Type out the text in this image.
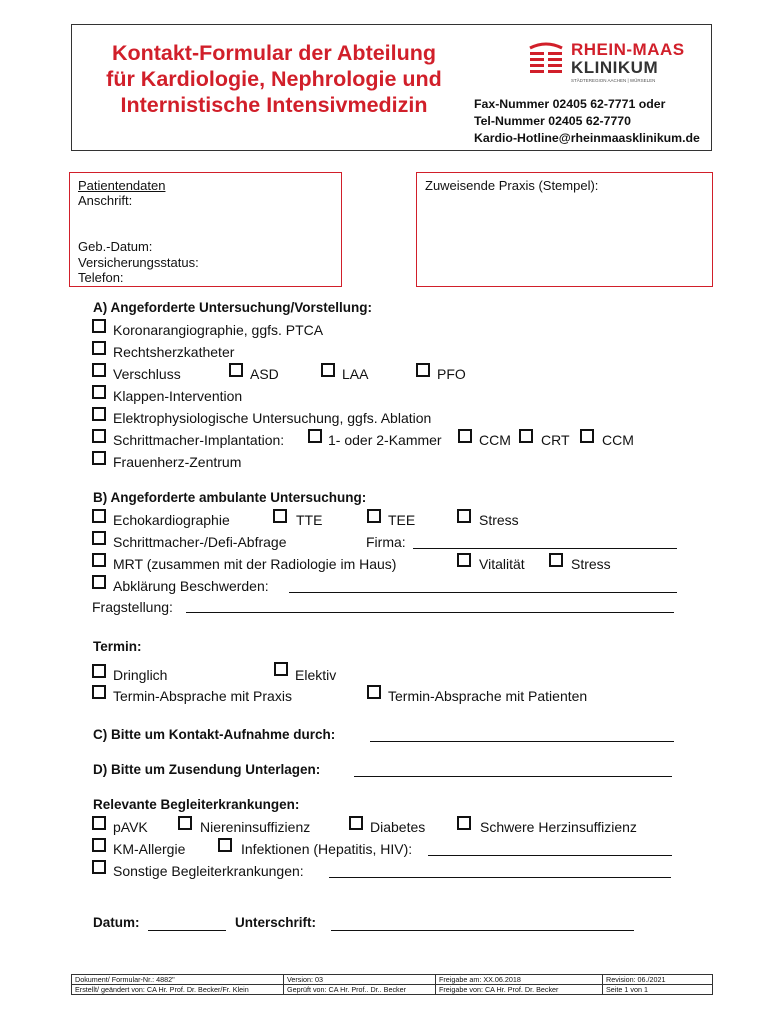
Kontakt-Formular der Abteilung
für Kardiologie, Nephrologie und
Internistische Intensivmedizin
RHEIN-MAAS
KLINIKUM
STÄDTEREGION AACHEN | WÜRSELEN
Fax-Nummer 02405 62-7771 oder
Tel-Nummer 02405 62-7770
Kardio-Hotline@rheinmaasklinikum.de
Patientendaten
Anschrift:
Geb.-Datum:
Versicherungsstatus:
Telefon:
Zuweisende Praxis (Stempel):
A) Angeforderte Untersuchung/Vorstellung:
Koronarangiographie, ggfs. PTCA
Rechtsherzkatheter
Verschluss	ASD	LAA	PFO
Klappen-Intervention
Elektrophysiologische Untersuchung, ggfs. Ablation
Schrittmacher-Implantation:	1- oder 2-Kammer	CCM CRT CCM
Frauenherz-Zentrum
B) Angeforderte ambulante Untersuchung:
Echokardiographie	TTE	TEE	Stress
Schrittmacher-/Defi-Abfrage	Firma:
MRT (zusammen mit der Radiologie im Haus)	Vitalität	Stress
Abklärung Beschwerden:
Fragstellung:
Termin:
Dringlich	Elektiv
Termin-Absprache mit Praxis	Termin-Absprache mit Patienten
C) Bitte um Kontakt-Aufnahme durch:
D) Bitte um Zusendung Unterlagen:
Relevante Begleiterkrankungen:
pAVK	Niereninsuffizienz	Diabetes	Schwere Herzinsuffizienz
KM-Allergie	Infektionen (Hepatitis, HIV):
Sonstige Begleiterkrankungen:
Datum:	Unterschrift:
Dokument/ Formular-Nr.: 4882"	Version: 03	Freigabe am: XX.06.2018	Revision: 06./2021
Erstellt/ geändert von: CA Hr. Prof. Dr. Becker/Fr. Klein	Geprüft von: CA Hr. Prof.. Dr.. Becker	Freigabe von: CA Hr. Prof. Dr. Becker	Seite 1 von 1
